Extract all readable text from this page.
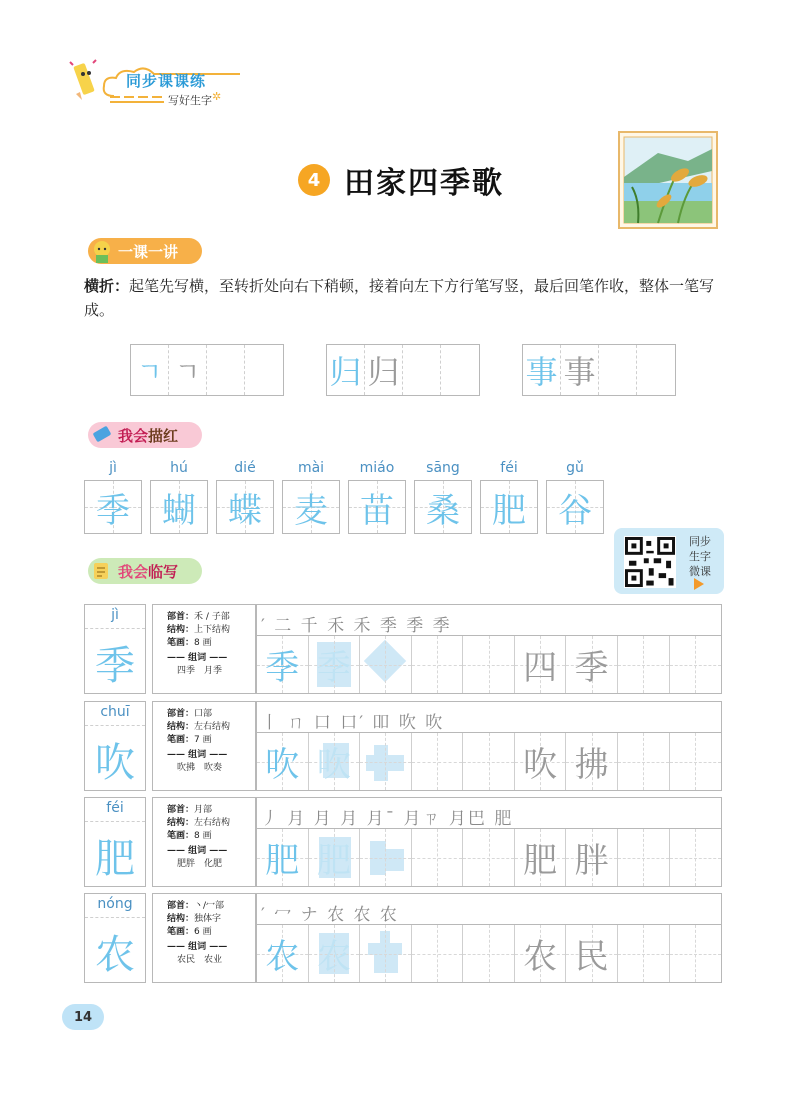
同步课课练
写好生字 ✲
4 田家四季歌
一课一讲
横折：起笔先写横，至转折处向右下稍顿，接着向左下方行笔写竖，最后回笔作收，整体一笔写成。
ㄱ ㄱ	归 归	事 事
我会 描红
jì
季
hú
蝴
dié
蝶
mài
麦
miáo
苗
sāng
桑
féi
肥
gǔ
谷
同步
生字
微课
我会 临写
jì
季
部首：禾 / 子部
结构：上下结构
笔画：8 画
—— 组词 ——
四季　月季
′ 二 千 禾 禾 季 季 季
季 季	四 季
chuī
吹
部首：口部
结构：左右结构
笔画：7 画
—— 组词 ——
吹拂　吹奏
丨 ㄇ 口 口′ 吅 吹 吹
吹 吹	吹 拂
féi
肥
部首：月部
结构：左右结构
笔画：8 画
—— 组词 ——
肥胖　化肥
丿 月 月 月 月ˉ 月ㄗ 月巴 肥
肥 肥	肥 胖
nóng
农
部首：丶/冖部
结构：独体字
笔画：6 画
—— 组词 ——
农民　农业
′ 冖 ナ 农 农 农
农 农	农 民
14
